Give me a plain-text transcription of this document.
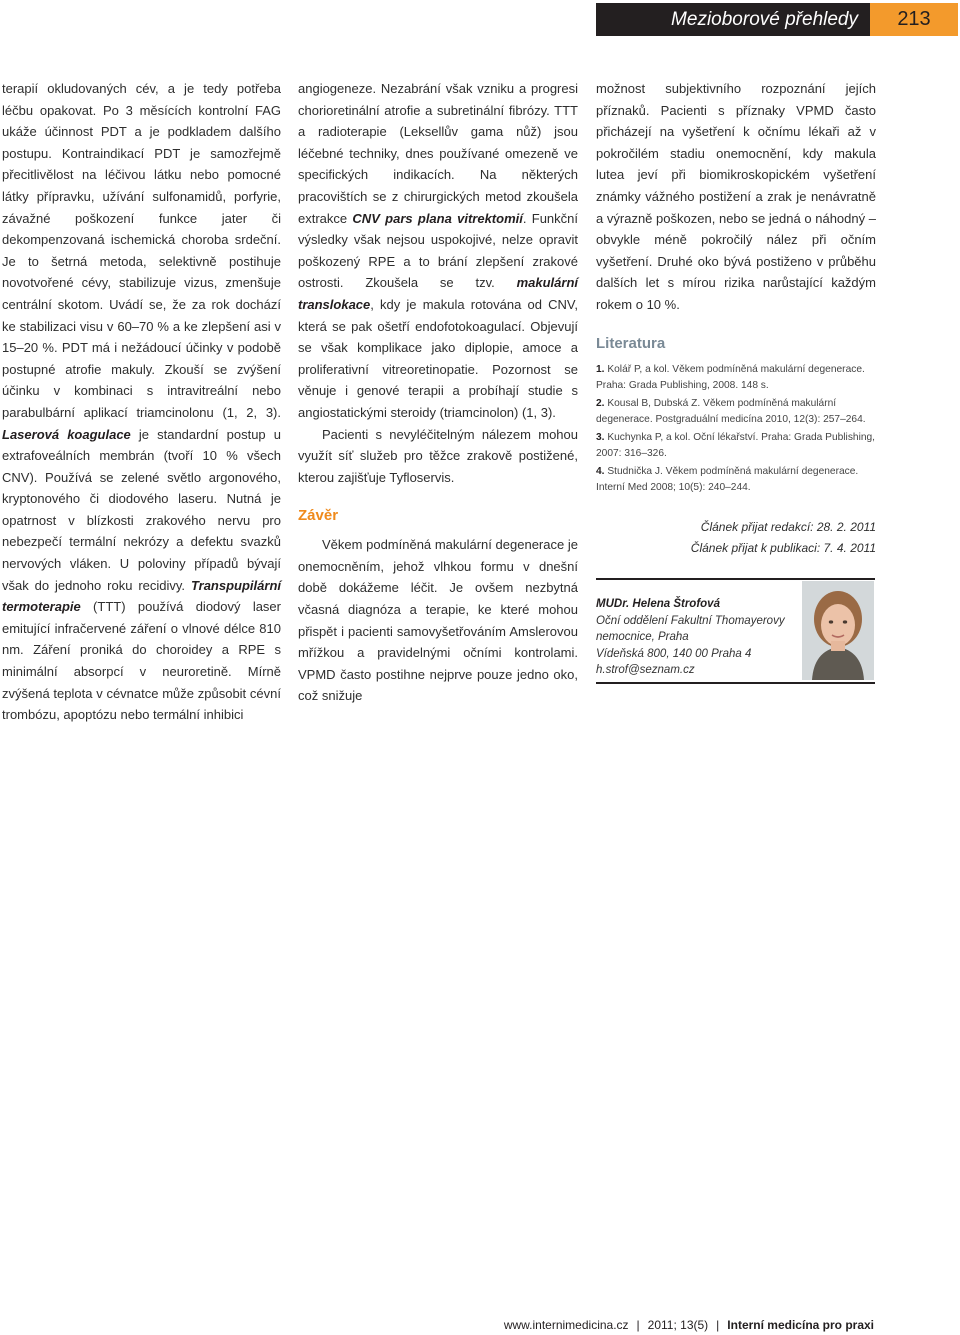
Mezioborové přehledy	213

terapií okludovaných cév, a je tedy potřeba léčbu opakovat. Po 3 měsících kontrolní FAG ukáže účinnost PDT a je podkladem dalšího postupu. Kontraindikací PDT je samozřejmě přecitlivělost na léčivou látku nebo pomocné látky přípravku, užívání sulfonamidů, porfyrie, závažné poškození funkce jater či dekompenzovaná ischemická choroba srdeční. Je to šetrná metoda, selektivně postihuje novotvořené cévy, stabilizuje vizus, zmenšuje centrální skotom. Uvádí se, že za rok dochází ke stabilizaci visu v 60–70 % a ke zlepšení asi v 15–20 %. PDT má i nežádoucí účinky v podobě postupné atrofie makuly. Zkouší se zvýšení účinku v kombinaci s intravitreální nebo parabulbární aplikací triamcinolonu (1, 2, 3). Laserová koagulace je standardní postup u extrafoveálních membrán (tvoří 10 % všech CNV). Používá se zelené světlo argonového, kryptonového či diodového laseru. Nutná je opatrnost v blízkosti zrakového nervu pro nebezpečí termální nekrózy a defektu svazků nervových vláken. U poloviny případů bývají však do jednoho roku recidivy. Transpupilární termoterapie (TTT) používá diodový laser emitující infračervené záření o vlnové délce 810 nm. Záření proniká do choroidey a RPE s minimální absorpcí v neuroretině. Mírně zvýšená teplota v cévnatce může způsobit cévní trombózu, apoptózu nebo termální inhibici

angiogeneze. Nezabrání však vzniku a progresi chorioretinální atrofie a subretinální fibrózy. TTT a radioterapie (Leksellův gama nůž) jsou léčebné techniky, dnes používané omezeně ve specifických indikacích. Na některých pracovištích se z chirurgických metod zkoušela extrakce CNV pars plana vitrektomií. Funkční výsledky však nejsou uspokojivé, nelze opravit poškozený RPE a to brání zlepšení zrakové ostrosti. Zkoušela se tzv. makulární translokace, kdy je makula rotována od CNV, která se pak ošetří endofotokoagulací. Objevují se však komplikace jako diplopie, amoce a proliferativní vitreoretinopatie. Pozornost se věnuje i genové terapii a probíhají studie s angiostatickými steroidy (triamcinolon) (1, 3).

Pacienti s nevyléčitelným nálezem mohou využít síť služeb pro těžce zrakově postižené, kterou zajišťuje Tyfloservis.

Závěr

Věkem podmíněná makulární degenerace je onemocněním, jehož vlhkou formu v dnešní době dokážeme léčit. Je ovšem nezbytná včasná diagnóza a terapie, ke které mohou přispět i pacienti samovyšetřováním Amslerovou mřížkou a pravidelnými očními kontrolami. VPMD často postihne nejprve pouze jedno oko, což snižuje

možnost subjektivního rozpoznání jejích příznaků. Pacienti s příznaky VPMD často přicházejí na vyšetření k očnímu lékaři až v pokročilém stadiu onemocnění, kdy makula lutea jeví při biomikroskopickém vyšetření známky vážného postižení a zrak je nenávratně a výrazně poškozen, nebo se jedná o náhodný – obvykle méně pokročilý nález při očním vyšetření. Druhé oko bývá postiženo v průběhu dalších let s mírou rizika narůstající každým rokem o 10 %.

Literatura
1. Kolář P, a kol. Věkem podmíněná makulární degenerace. Praha: Grada Publishing, 2008. 148 s.
2. Kousal B, Dubská Z. Věkem podmíněná makulární degenerace. Postgraduální medicína 2010, 12(3): 257–264.
3. Kuchynka P, a kol. Oční lékařství. Praha: Grada Publishing, 2007: 316–326.
4. Studnička J. Věkem podmíněná makulární degenerace. Interní Med 2008; 10(5): 240–244.
Článek přijat redakcí: 28. 2. 2011
Článek přijat k publikaci: 7. 4. 2011
MUDr. Helena Štrofová
Oční oddělení Fakultní Thomayerovy
nemocnice, Praha
Vídeňská 800, 140 00 Praha 4
h.strof@seznam.cz
www.internimedicina.cz | 2011; 13(5) | Interní medicína pro praxi
